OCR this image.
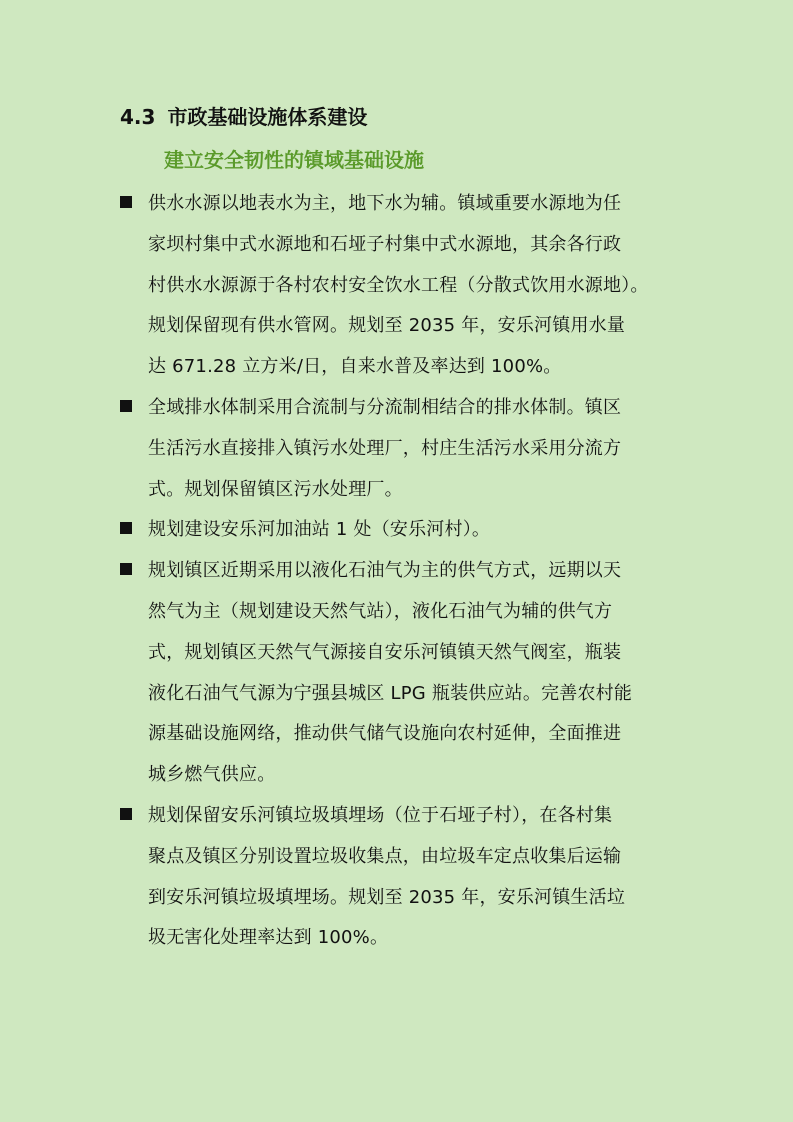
4.3 市政基础设施体系建设
建立安全韧性的镇域基础设施
供水水源以地表水为主，地下水为辅。镇域重要水源地为任
家坝村集中式水源地和石垭子村集中式水源地，其余各行政
村供水水源源于各村农村安全饮水工程（分散式饮用水源地）。
规划保留现有供水管网。规划至 2035 年，安乐河镇用水量
达 671.28 立方米/日，自来水普及率达到 100%。
全域排水体制采用合流制与分流制相结合的排水体制。镇区
生活污水直接排入镇污水处理厂，村庄生活污水采用分流方
式。规划保留镇区污水处理厂。
规划建设安乐河加油站 1 处（安乐河村）。
规划镇区近期采用以液化石油气为主的供气方式，远期以天
然气为主（规划建设天然气站），液化石油气为辅的供气方
式，规划镇区天然气气源接自安乐河镇镇天然气阀室，瓶装
液化石油气气源为宁强县城区 LPG 瓶装供应站。完善农村能
源基础设施网络，推动供气储气设施向农村延伸，全面推进
城乡燃气供应。
规划保留安乐河镇垃圾填埋场（位于石垭子村），在各村集
聚点及镇区分别设置垃圾收集点，由垃圾车定点收集后运输
到安乐河镇垃圾填埋场。规划至 2035 年，安乐河镇生活垃
圾无害化处理率达到 100%。
